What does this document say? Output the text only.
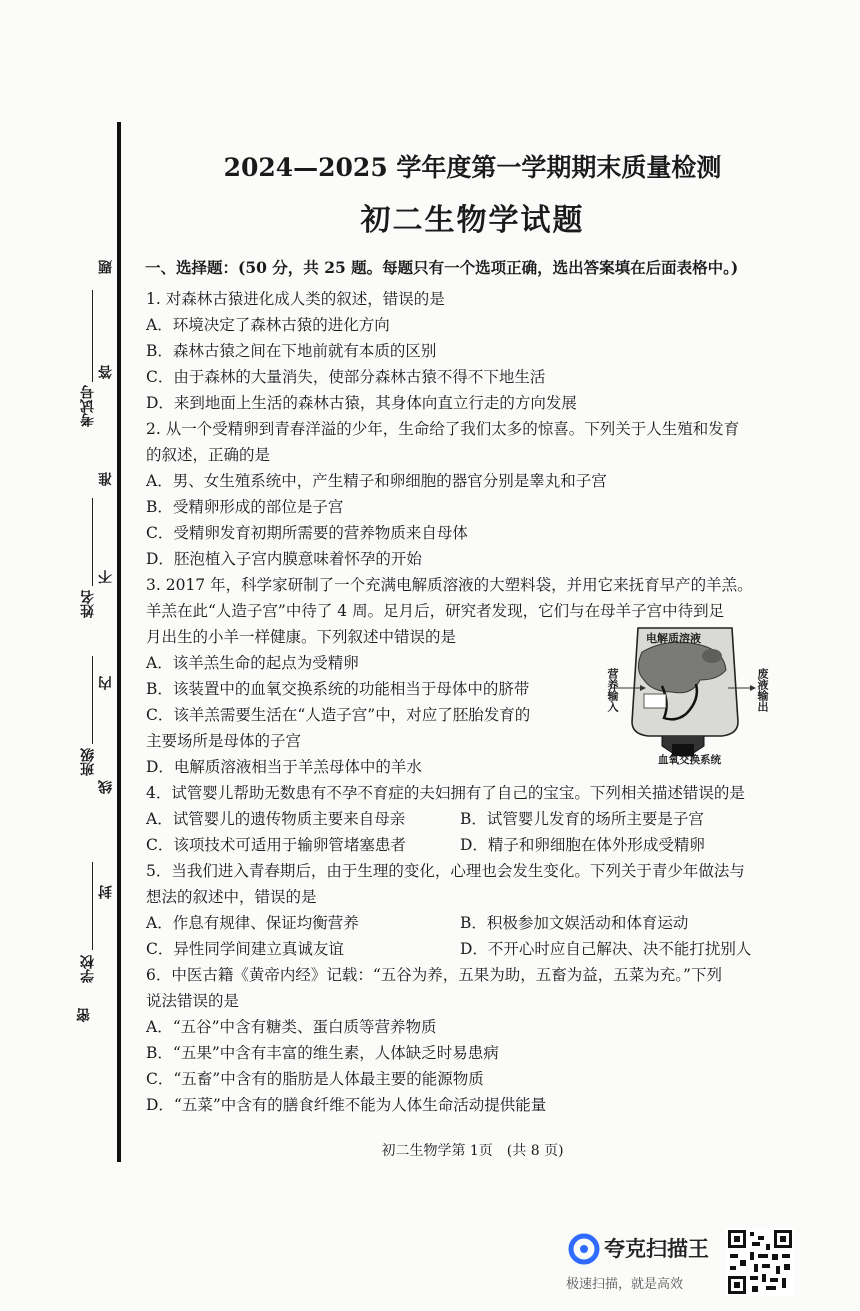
题
答
准
不
内
线
封
密
考试号
姓名
班级
学校
2024—2025 学年度第一学期期末质量检测
初二生物学试题
一、选择题：(50 分，共 25 题。每题只有一个选项正确，选出答案填在后面表格中。)
1. 对森林古猿进化成人类的叙述，错误的是
A．环境决定了森林古猿的进化方向
B．森林古猿之间在下地前就有本质的区别
C．由于森林的大量消失，使部分森林古猿不得不下地生活
D．来到地面上生活的森林古猿，其身体向直立行走的方向发展
2. 从一个受精卵到青春洋溢的少年，生命给了我们太多的惊喜。下列关于人生殖和发育
的叙述，正确的是
A．男、女生殖系统中，产生精子和卵细胞的器官分别是睾丸和子宫
B．受精卵形成的部位是子宫
C．受精卵发育初期所需要的营养物质来自母体
D．胚泡植入子宫内膜意味着怀孕的开始
3. 2017 年，科学家研制了一个充满电解质溶液的大塑料袋，并用它来抚育早产的羊羔。
羊羔在此“人造子宫”中待了 4 周。足月后，研究者发现，它们与在母羊子宫中待到足
月出生的小羊一样健康。下列叙述中错误的是
A．该羊羔生命的起点为受精卵
B．该装置中的血氧交换系统的功能相当于母体中的脐带
C．该羊羔需要生活在“人造子宫”中，对应了胚胎发育的
主要场所是母体的子宫
D．电解质溶液相当于羊羔母体中的羊水
电解质溶液
营养输入	废液输出
血氧交换系统
4．试管婴儿帮助无数患有不孕不育症的夫妇拥有了自己的宝宝。下列相关描述错误的是
A．试管婴儿的遗传物质主要来自母亲	B．试管婴儿发育的场所主要是子宫
C．该项技术可适用于输卵管堵塞患者	D．精子和卵细胞在体外形成受精卵
5．当我们进入青春期后，由于生理的变化，心理也会发生变化。下列关于青少年做法与
想法的叙述中，错误的是
A．作息有规律、保证均衡营养	B．积极参加文娱活动和体育运动
C．异性同学间建立真诚友谊	D．不开心时应自己解决、决不能打扰别人
6．中医古籍《黄帝内经》记载：“五谷为养，五果为助，五畜为益，五菜为充。”下列
说法错误的是
A．“五谷”中含有糖类、蛋白质等营养物质
B．“五果”中含有丰富的维生素，人体缺乏时易患病
C．“五畜”中含有的脂肪是人体最主要的能源物质
D．“五菜”中含有的膳食纤维不能为人体生命活动提供能量
初二生物学第 1页　(共 8 页)
夸克扫描王
极速扫描，就是高效
